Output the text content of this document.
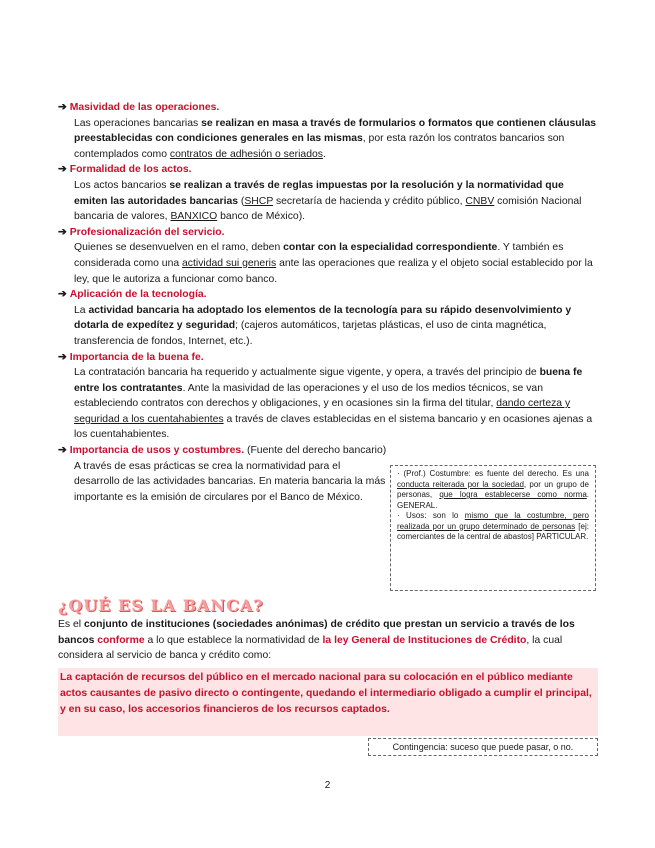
➔ Masividad de las operaciones.
Las operaciones bancarias se realizan en masa a través de formularios o formatos que contienen cláusulas preestablecidas con condiciones generales en las mismas, por esta razón los contratos bancarios son contemplados como contratos de adhesión o seriados.
➔ Formalidad de los actos.
Los actos bancarios se realizan a través de reglas impuestas por la resolución y la normatividad que emiten las autoridades bancarias (SHCP secretaría de hacienda y crédito público, CNBV comisión Nacional bancaria de valores, BANXICO banco de México).
➔ Profesionalización del servicio.
Quienes se desenvuelven en el ramo, deben contar con la especialidad correspondiente. Y también es considerada como una actividad sui generis ante las operaciones que realiza y el objeto social establecido por la ley, que le autoriza a funcionar como banco.
➔ Aplicación de la tecnología.
La actividad bancaria ha adoptado los elementos de la tecnología para su rápido desenvolvimiento y dotarla de expedítez y seguridad; (cajeros automáticos, tarjetas plásticas, el uso de cinta magnética, transferencia de fondos, Internet, etc.).
➔ Importancia de la buena fe.
La contratación bancaria ha requerido y actualmente sigue vigente, y opera, a través del principio de buena fe entre los contratantes. Ante la masividad de las operaciones y el uso de los medios técnicos, se van estableciendo contratos con derechos y obligaciones, y en ocasiones sin la firma del titular, dando certeza y seguridad a los cuentahabientes a través de claves establecidas en el sistema bancario y en ocasiones ajenas a los cuentahabientes.
➔ Importancia de usos y costumbres. (Fuente del derecho bancario)
A través de esas prácticas se crea la normatividad para el desarrollo de las actividades bancarias. En materia bancaria la más importante es la emisión de circulares por el Banco de México.
· (Prof.) Costumbre: es fuente del derecho. Es una conducta reiterada por la sociedad, por un grupo de personas, que logra establecerse como norma. GENERAL.
· Usos: son lo mismo que la costumbre, pero realizada por un grupo determinado de personas [ej: comerciantes de la central de abastos] PARTICULAR.
¿QUÉ ES LA BANCA?
Es el conjunto de instituciones (sociedades anónimas) de crédito que prestan un servicio a través de los bancos conforme a lo que establece la normatividad de la ley General de Instituciones de Crédito, la cual considera al servicio de banca y crédito como:
La captación de recursos del público en el mercado nacional para su colocación en el público mediante actos causantes de pasivo directo o contingente, quedando el intermediario obligado a cumplir el principal, y en su caso, los accesorios financieros de los recursos captados.
Contingencia: suceso que puede pasar, o no.
2
